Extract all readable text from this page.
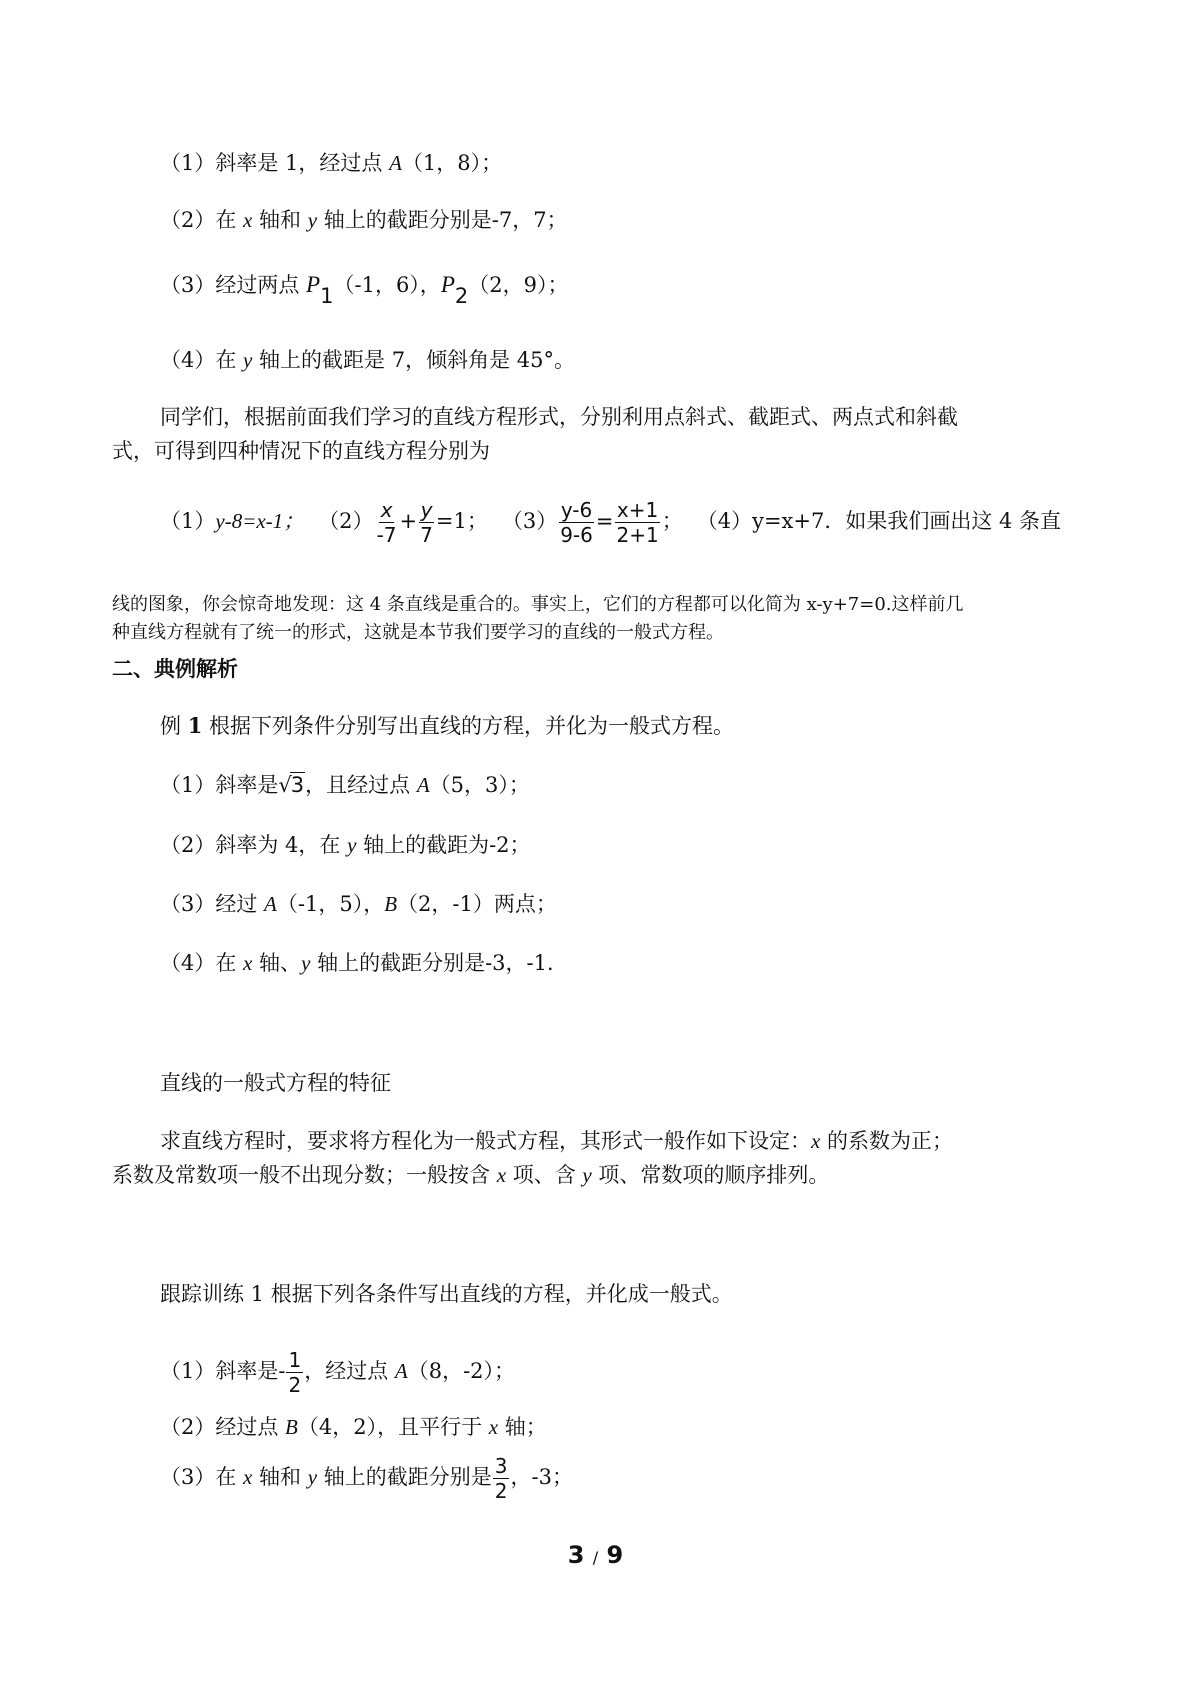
（1）斜率是 1，经过点 A（1，8）；
（2）在 x 轴和 y 轴上的截距分别是-7，7；
（3）经过两点 P1（-1，6），P2（2，9）；
（4）在 y 轴上的截距是 7，倾斜角是 45°。
同学们，根据前面我们学习的直线方程形式，分别利用点斜式、截距式、两点式和斜截
式，可得到四种情况下的直线方程分别为
（1）y-8=x-1； $(2) \frac{x}{-7} + \frac{y}{7} =1$； $(3) \frac{y-6}{9-6} = \frac{x+1}{2+1}$ ； （4）y=x+7．如果我们画出这 4 条直
线的图象，你会惊奇地发现：这 4 条直线是重合的。事实上，它们的方程都可以化简为 x-y+7=0.这样前几
种直线方程就有了统一的形式，这就是本节我们要学习的直线的一般式方程。
二、典例解析
例 1 根据下列条件分别写出直线的方程，并化为一般式方程。
（1）斜率是√3，且经过点 A（5，3）；
（2）斜率为 4，在 y 轴上的截距为-2；
（3）经过 A（-1，5），B（2，-1）两点；
（4）在 x 轴、y 轴上的截距分别是-3，-1．
直线的一般式方程的特征
求直线方程时，要求将方程化为一般式方程，其形式一般作如下设定：x 的系数为正；
系数及常数项一般不出现分数；一般按含 x 项、含 y 项、常数项的顺序排列。
跟踪训练 1 根据下列各条件写出直线的方程，并化成一般式。
（1）斜率是- $\frac{1}{2}$ ，经过点 A（8，-2）；
（2）经过点 B（4，2），且平行于 x 轴；
（3）在 x 轴和 y 轴上的截距分别是 $\frac{3}{2}$ ，-3；
3 / 9
